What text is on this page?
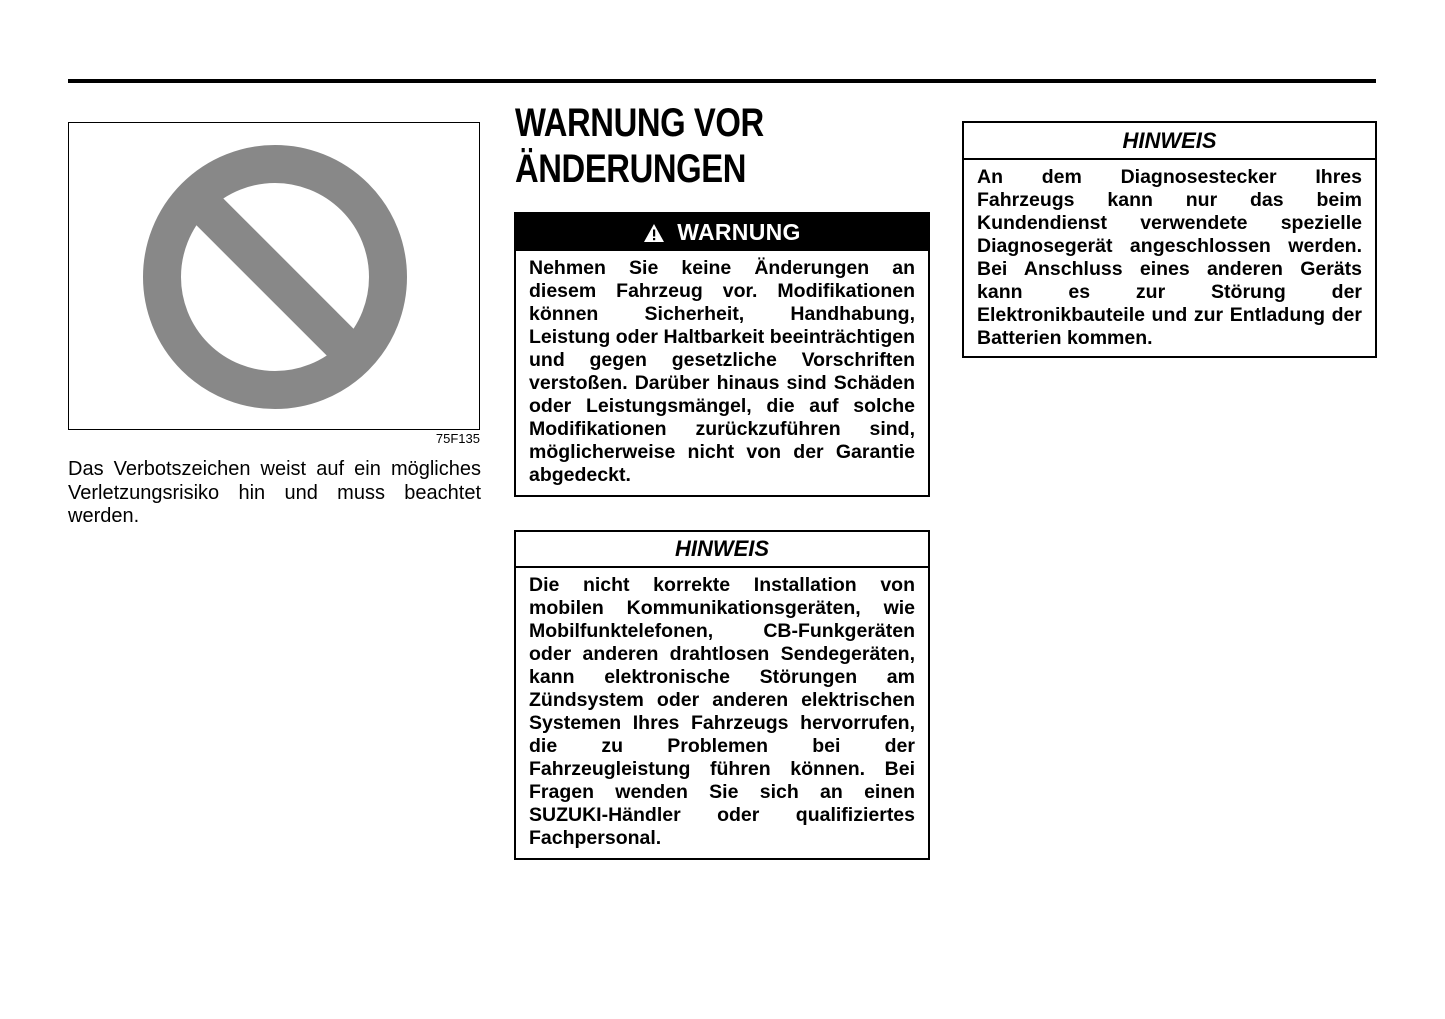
75F135
Das Verbotszeichen weist auf ein mögliches Verletzungsrisiko hin und muss beachtet werden.
WARNUNG VOR
ÄNDERUNGEN
WARNUNG
Nehmen Sie keine Änderungen an diesem Fahrzeug vor. Modifikationen können Sicherheit, Handhabung, Leistung oder Haltbarkeit beeinträchtigen und gegen gesetzliche Vorschriften verstoßen. Darüber hinaus sind Schäden oder Leistungsmängel, die auf solche Modifikationen zurückzuführen sind, möglicherweise nicht von der Garantie abgedeckt.
HINWEIS
Die nicht korrekte Installation von mobilen Kommunikationsgeräten, wie Mobilfunktelefonen, CB-Funkgeräten oder anderen drahtlosen Sendegeräten, kann elektronische Störungen am Zündsystem oder anderen elektrischen Systemen Ihres Fahrzeugs hervorrufen, die zu Problemen bei der Fahrzeugleistung führen können. Bei Fragen wenden Sie sich an einen SUZUKI-Händler oder qualifiziertes Fachpersonal.
HINWEIS
An dem Diagnosestecker Ihres Fahrzeugs kann nur das beim Kundendienst verwendete spezielle Diagnosegerät angeschlossen werden. Bei Anschluss eines anderen Geräts kann es zur Störung der Elektronikbauteile und zur Entladung der Batterien kommen.
